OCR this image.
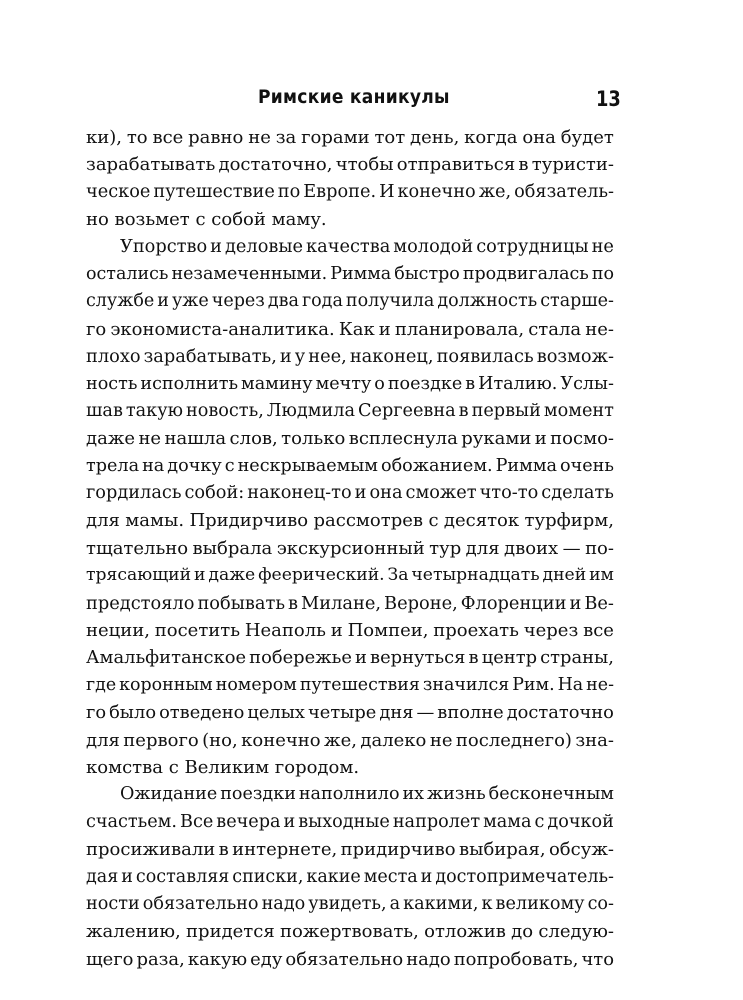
Римские каникулы	13
ки), то все равно не за горами тот день, когда она будет
зарабатывать достаточно, чтобы отправиться в туристи-
ческое путешествие по Европе. И конечно же, обязатель-
но возьмет с собой маму.
Упорство и деловые качества молодой сотрудницы не
остались незамеченными. Римма быстро продвигалась по
службе и уже через два года получила должность старше-
го экономиста-аналитика. Как и планировала, стала не-
плохо зарабатывать, и у нее, наконец, появилась возмож-
ность исполнить мамину мечту о поездке в Италию. Услы-
шав такую новость, Людмила Сергеевна в первый момент
даже не нашла слов, только всплеснула руками и посмо-
трела на дочку с нескрываемым обожанием. Римма очень
гордилась собой: наконец-то и она сможет что-то сделать
для мамы. Придирчиво рассмотрев с десяток турфирм,
тщательно выбрала экскурсионный тур для двоих — по-
трясающий и даже феерический. За четырнадцать дней им
предстояло побывать в Милане, Вероне, Флоренции и Ве-
неции, посетить Неаполь и Помпеи, проехать через все
Амальфитанское побережье и вернуться в центр страны,
где коронным номером путешествия значился Рим. На не-
го было отведено целых четыре дня — вполне достаточно
для первого (но, конечно же, далеко не последнего) зна-
комства с Великим городом.
Ожидание поездки наполнило их жизнь бесконечным
счастьем. Все вечера и выходные напролет мама с дочкой
просиживали в интернете, придирчиво выбирая, обсуж-
дая и составляя списки, какие места и достопримечатель-
ности обязательно надо увидеть, а какими, к великому со-
жалению, придется пожертвовать, отложив до следую-
щего раза, какую еду обязательно надо попробовать, что
